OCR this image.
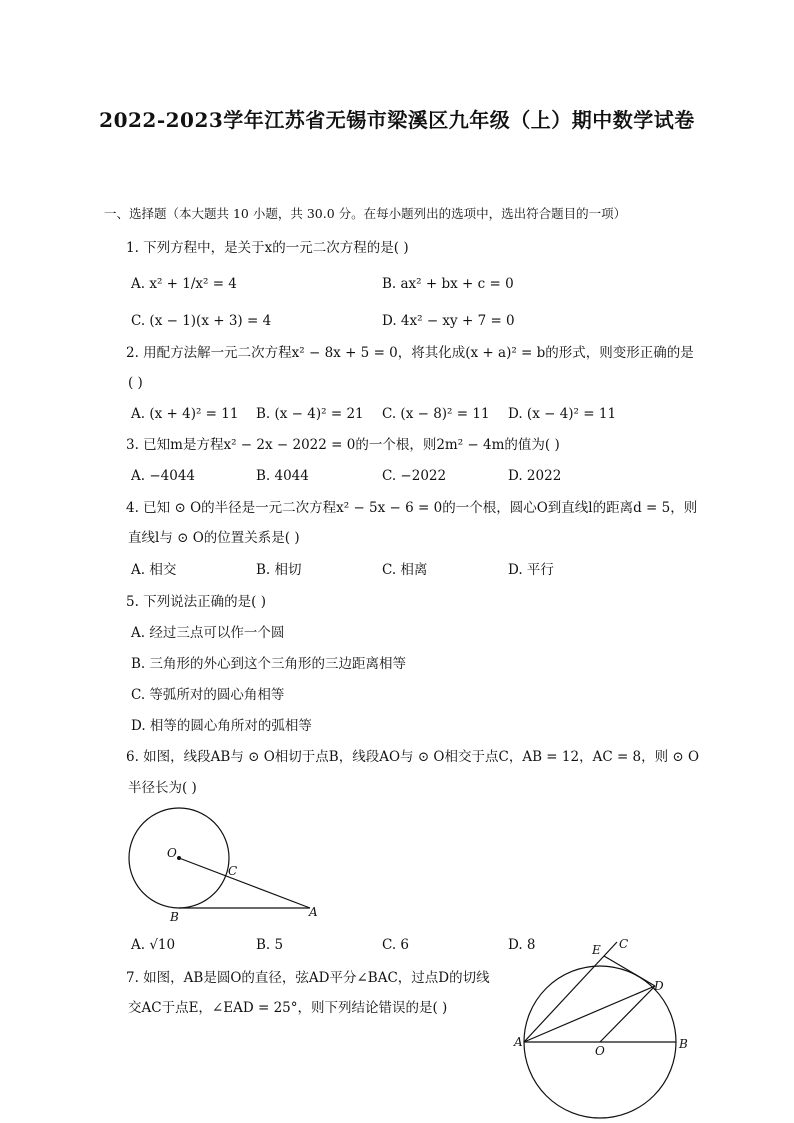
2022-2023学年江苏省无锡市梁溪区九年级（上）期中数学试卷
一、选择题（本大题共 10 小题，共 30.0 分。在每小题列出的选项中，选出符合题目的一项）
1. 下列方程中，是关于x的一元二次方程的是( )
A. x² + 1/x² = 4	B. ax² + bx + c = 0
C. (x − 1)(x + 3) = 4	D. 4x² − xy + 7 = 0
2. 用配方法解一元二次方程x² − 8x + 5 = 0，将其化成(x + a)² = b的形式，则变形正确的是
( )
A. (x + 4)² = 11 B. (x − 4)² = 21 C. (x − 8)² = 11 D. (x − 4)² = 11
3. 已知m是方程x² − 2x − 2022 = 0的一个根，则2m² − 4m的值为( )
A. −4044	B. 4044	C. −2022	D. 2022
4. 已知 ⊙ O的半径是一元二次方程x² − 5x − 6 = 0的一个根，圆心O到直线l的距离d = 5，则
直线l与 ⊙ O的位置关系是( )
A. 相交	B. 相切	C. 相离	D. 平行
5. 下列说法正确的是( )
A. 经过三点可以作一个圆
B. 三角形的外心到这个三角形的三边距离相等
C. 等弧所对的圆心角相等
D. 相等的圆心角所对的弧相等
6. 如图，线段AB与 ⊙ O相切于点B，线段AO与 ⊙ O相交于点C，AB = 12，AC = 8，则 ⊙ O
半径长为( )
O
C
B	A
A. √10	B. 5	C. 6	D. 8
7. 如图，AB是圆O的直径，弦AD平分∠BAC，过点D的切线
交AC于点E，∠EAD = 25°，则下列结论错误的是( )
E C
D
A
O	B
